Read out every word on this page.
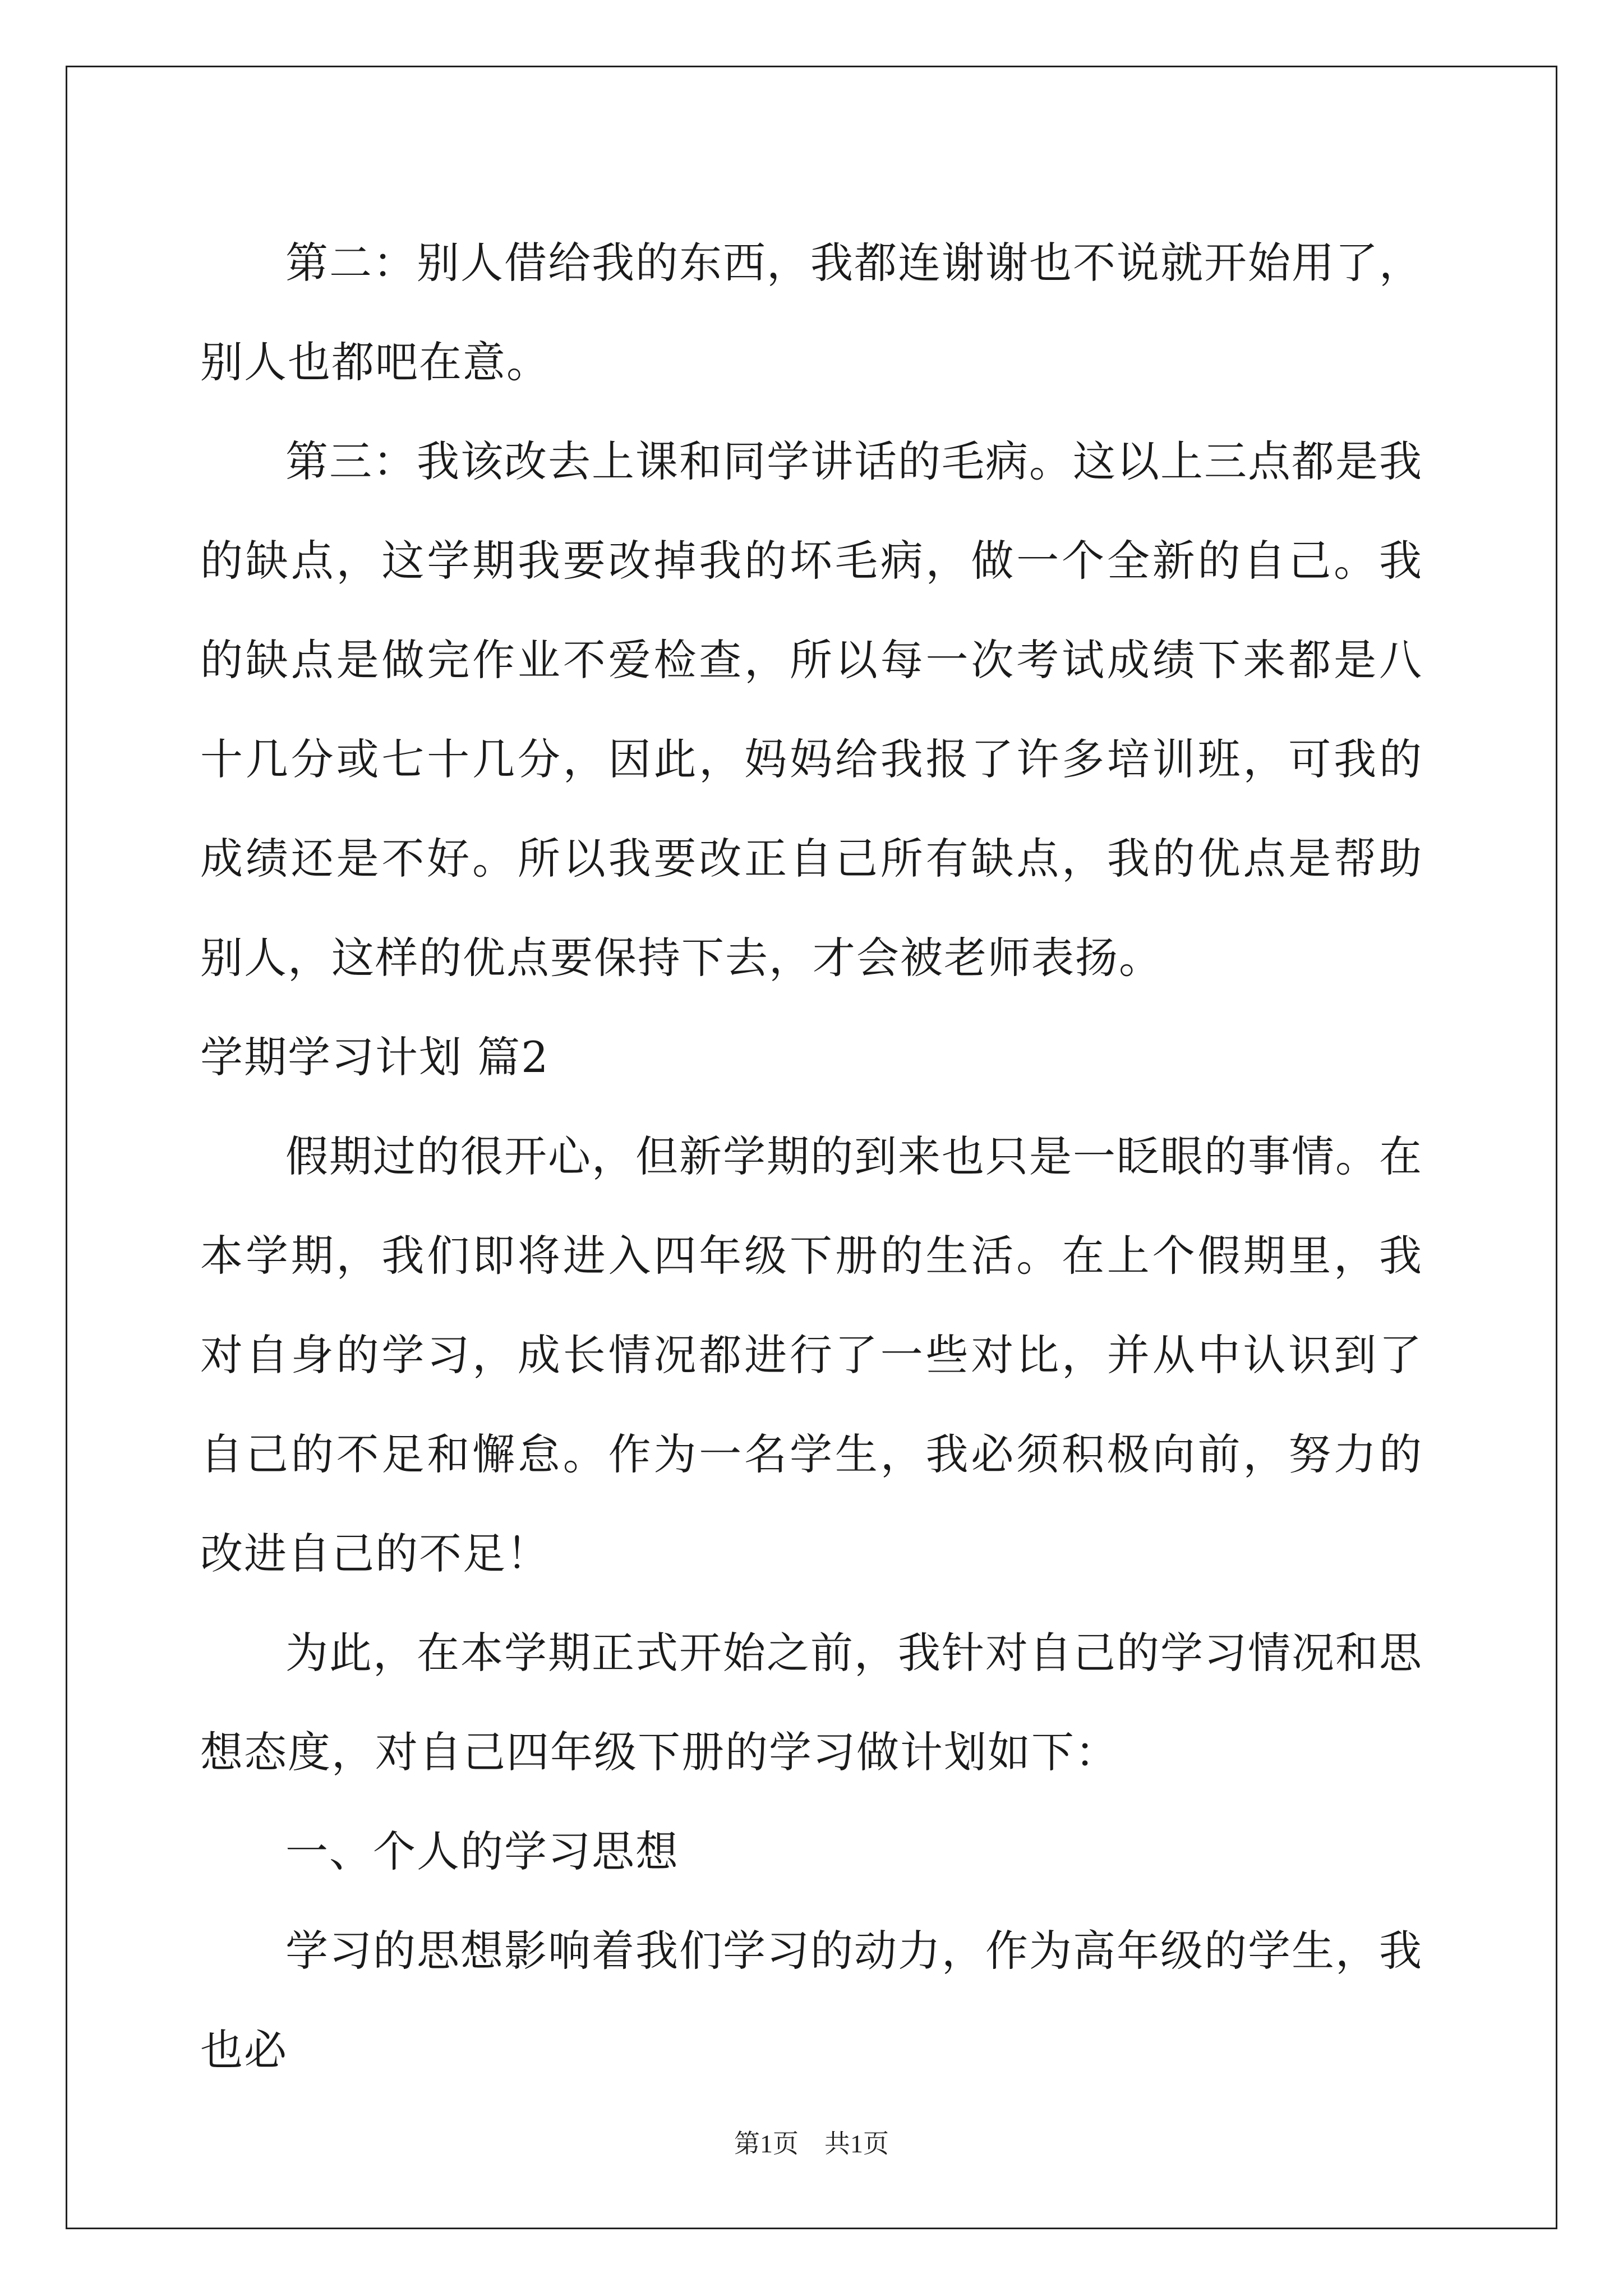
第二：别人借给我的东西，我都连谢谢也不说就开始用了，别人也都吧在意。

第三：我该改去上课和同学讲话的毛病。这以上三点都是我的缺点，这学期我要改掉我的坏毛病，做一个全新的自己。我的缺点是做完作业不爱检查，所以每一次考试成绩下来都是八十几分或七十几分，因此，妈妈给我报了许多培训班，可我的成绩还是不好。所以我要改正自己所有缺点，我的优点是帮助别人，这样的优点要保持下去，才会被老师表扬。

学期学习计划 篇2

假期过的很开心，但新学期的到来也只是一眨眼的事情。在本学期，我们即将进入四年级下册的生活。在上个假期里，我对自身的学习，成长情况都进行了一些对比，并从中认识到了自己的不足和懈怠。作为一名学生，我必须积极向前，努力的改进自己的不足！

为此，在本学期正式开始之前，我针对自己的学习情况和思想态度，对自己四年级下册的学习做计划如下：

一、个人的学习思想

学习的思想影响着我们学习的动力，作为高年级的学生，我也必

第1页　共1页
